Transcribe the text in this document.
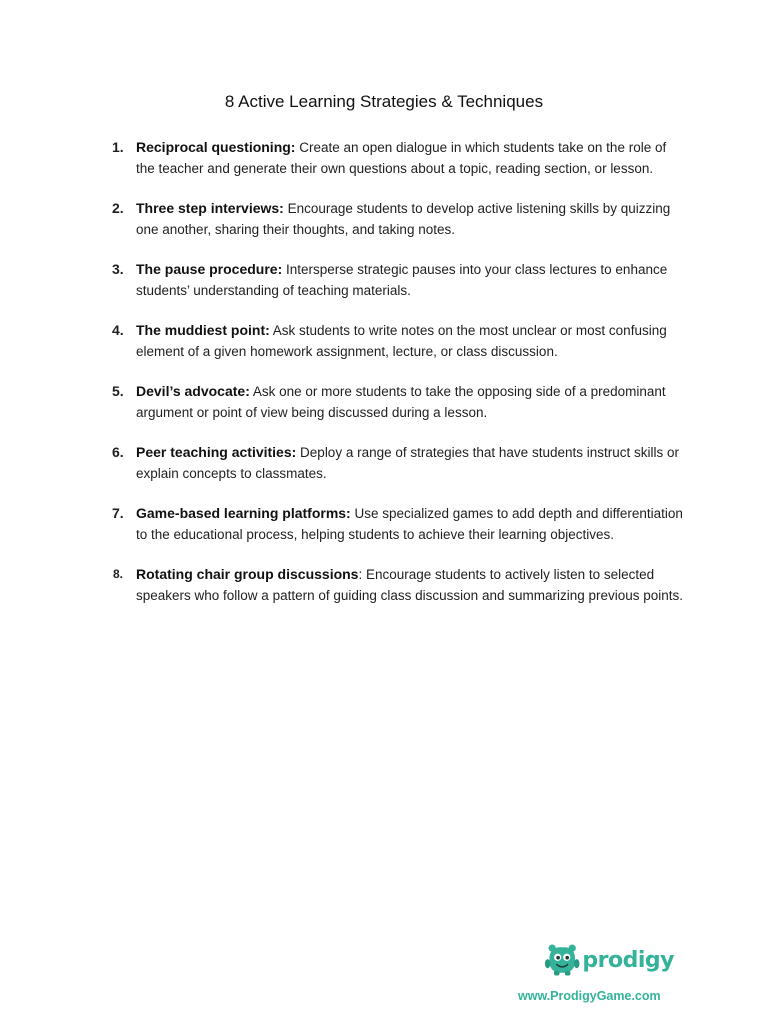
8 Active Learning Strategies & Techniques
1. Reciprocal questioning: Create an open dialogue in which students take on the role of the teacher and generate their own questions about a topic, reading section, or lesson.
2. Three step interviews: Encourage students to develop active listening skills by quizzing one another, sharing their thoughts, and taking notes.
3. The pause procedure: Intersperse strategic pauses into your class lectures to enhance students’ understanding of teaching materials.
4. The muddiest point: Ask students to write notes on the most unclear or most confusing element of a given homework assignment, lecture, or class discussion.
5. Devil’s advocate: Ask one or more students to take the opposing side of a predominant argument or point of view being discussed during a lesson.
6. Peer teaching activities: Deploy a range of strategies that have students instruct skills or explain concepts to classmates.
7. Game-based learning platforms: Use specialized games to add depth and differentiation to the educational process, helping students to achieve their learning objectives.
8. Rotating chair group discussions: Encourage students to actively listen to selected speakers who follow a pattern of guiding class discussion and summarizing previous points.
prodigy
www.ProdigyGame.com
